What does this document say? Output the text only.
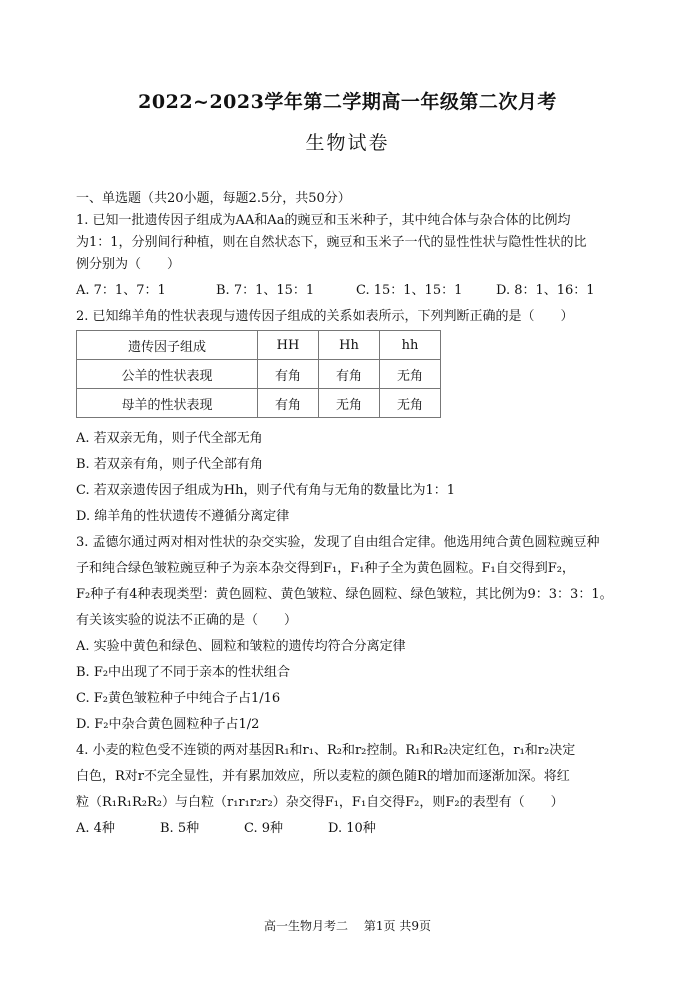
2022~2023学年第二学期高一年级第二次月考
生物试卷
一、单选题（共20小题，每题2.5分，共50分）
1. 已知一批遗传因子组成为AA和Aa的豌豆和玉米种子，其中纯合体与杂合体的比例均
为1：1，分别间行种植，则在自然状态下，豌豆和玉米子一代的显性性状与隐性性状的比
例分别为（　　）
A. 7：1、7：1	B. 7：1、15：1	C. 15：1、15：1	D. 8：1、16：1
2. 已知绵羊角的性状表现与遗传因子组成的关系如表所示，下列判断正确的是（　　）
遗传因子组成	HH	Hh	hh
公羊的性状表现	有角	有角	无角
母羊的性状表现	有角	无角	无角
A. 若双亲无角，则子代全部无角
B. 若双亲有角，则子代全部有角
C. 若双亲遗传因子组成为Hh，则子代有角与无角的数量比为1：1
D. 绵羊角的性状遗传不遵循分离定律
3. 孟德尔通过两对相对性状的杂交实验，发现了自由组合定律。他选用纯合黄色圆粒豌豆种
子和纯合绿色皱粒豌豆种子为亲本杂交得到F₁，F₁种子全为黄色圆粒。F₁自交得到F₂，
F₂种子有4种表现类型：黄色圆粒、黄色皱粒、绿色圆粒、绿色皱粒，其比例为9：3：3：1。
有关该实验的说法不正确的是（　　）
A. 实验中黄色和绿色、圆粒和皱粒的遗传均符合分离定律
B. F₂中出现了不同于亲本的性状组合
C. F₂黄色皱粒种子中纯合子占1/16
D. F₂中杂合黄色圆粒种子占1/2
4. 小麦的粒色受不连锁的两对基因R₁和r₁、R₂和r₂控制。R₁和R₂决定红色，r₁和r₂决定
白色，R对r不完全显性，并有累加效应，所以麦粒的颜色随R的增加而逐渐加深。将红
粒（R₁R₁R₂R₂）与白粒（r₁r₁r₂r₂）杂交得F₁，F₁自交得F₂，则F₂的表型有（　　）
A. 4种	B. 5种	C. 9种	D. 10种
高一生物月考二 第1页 共9页
